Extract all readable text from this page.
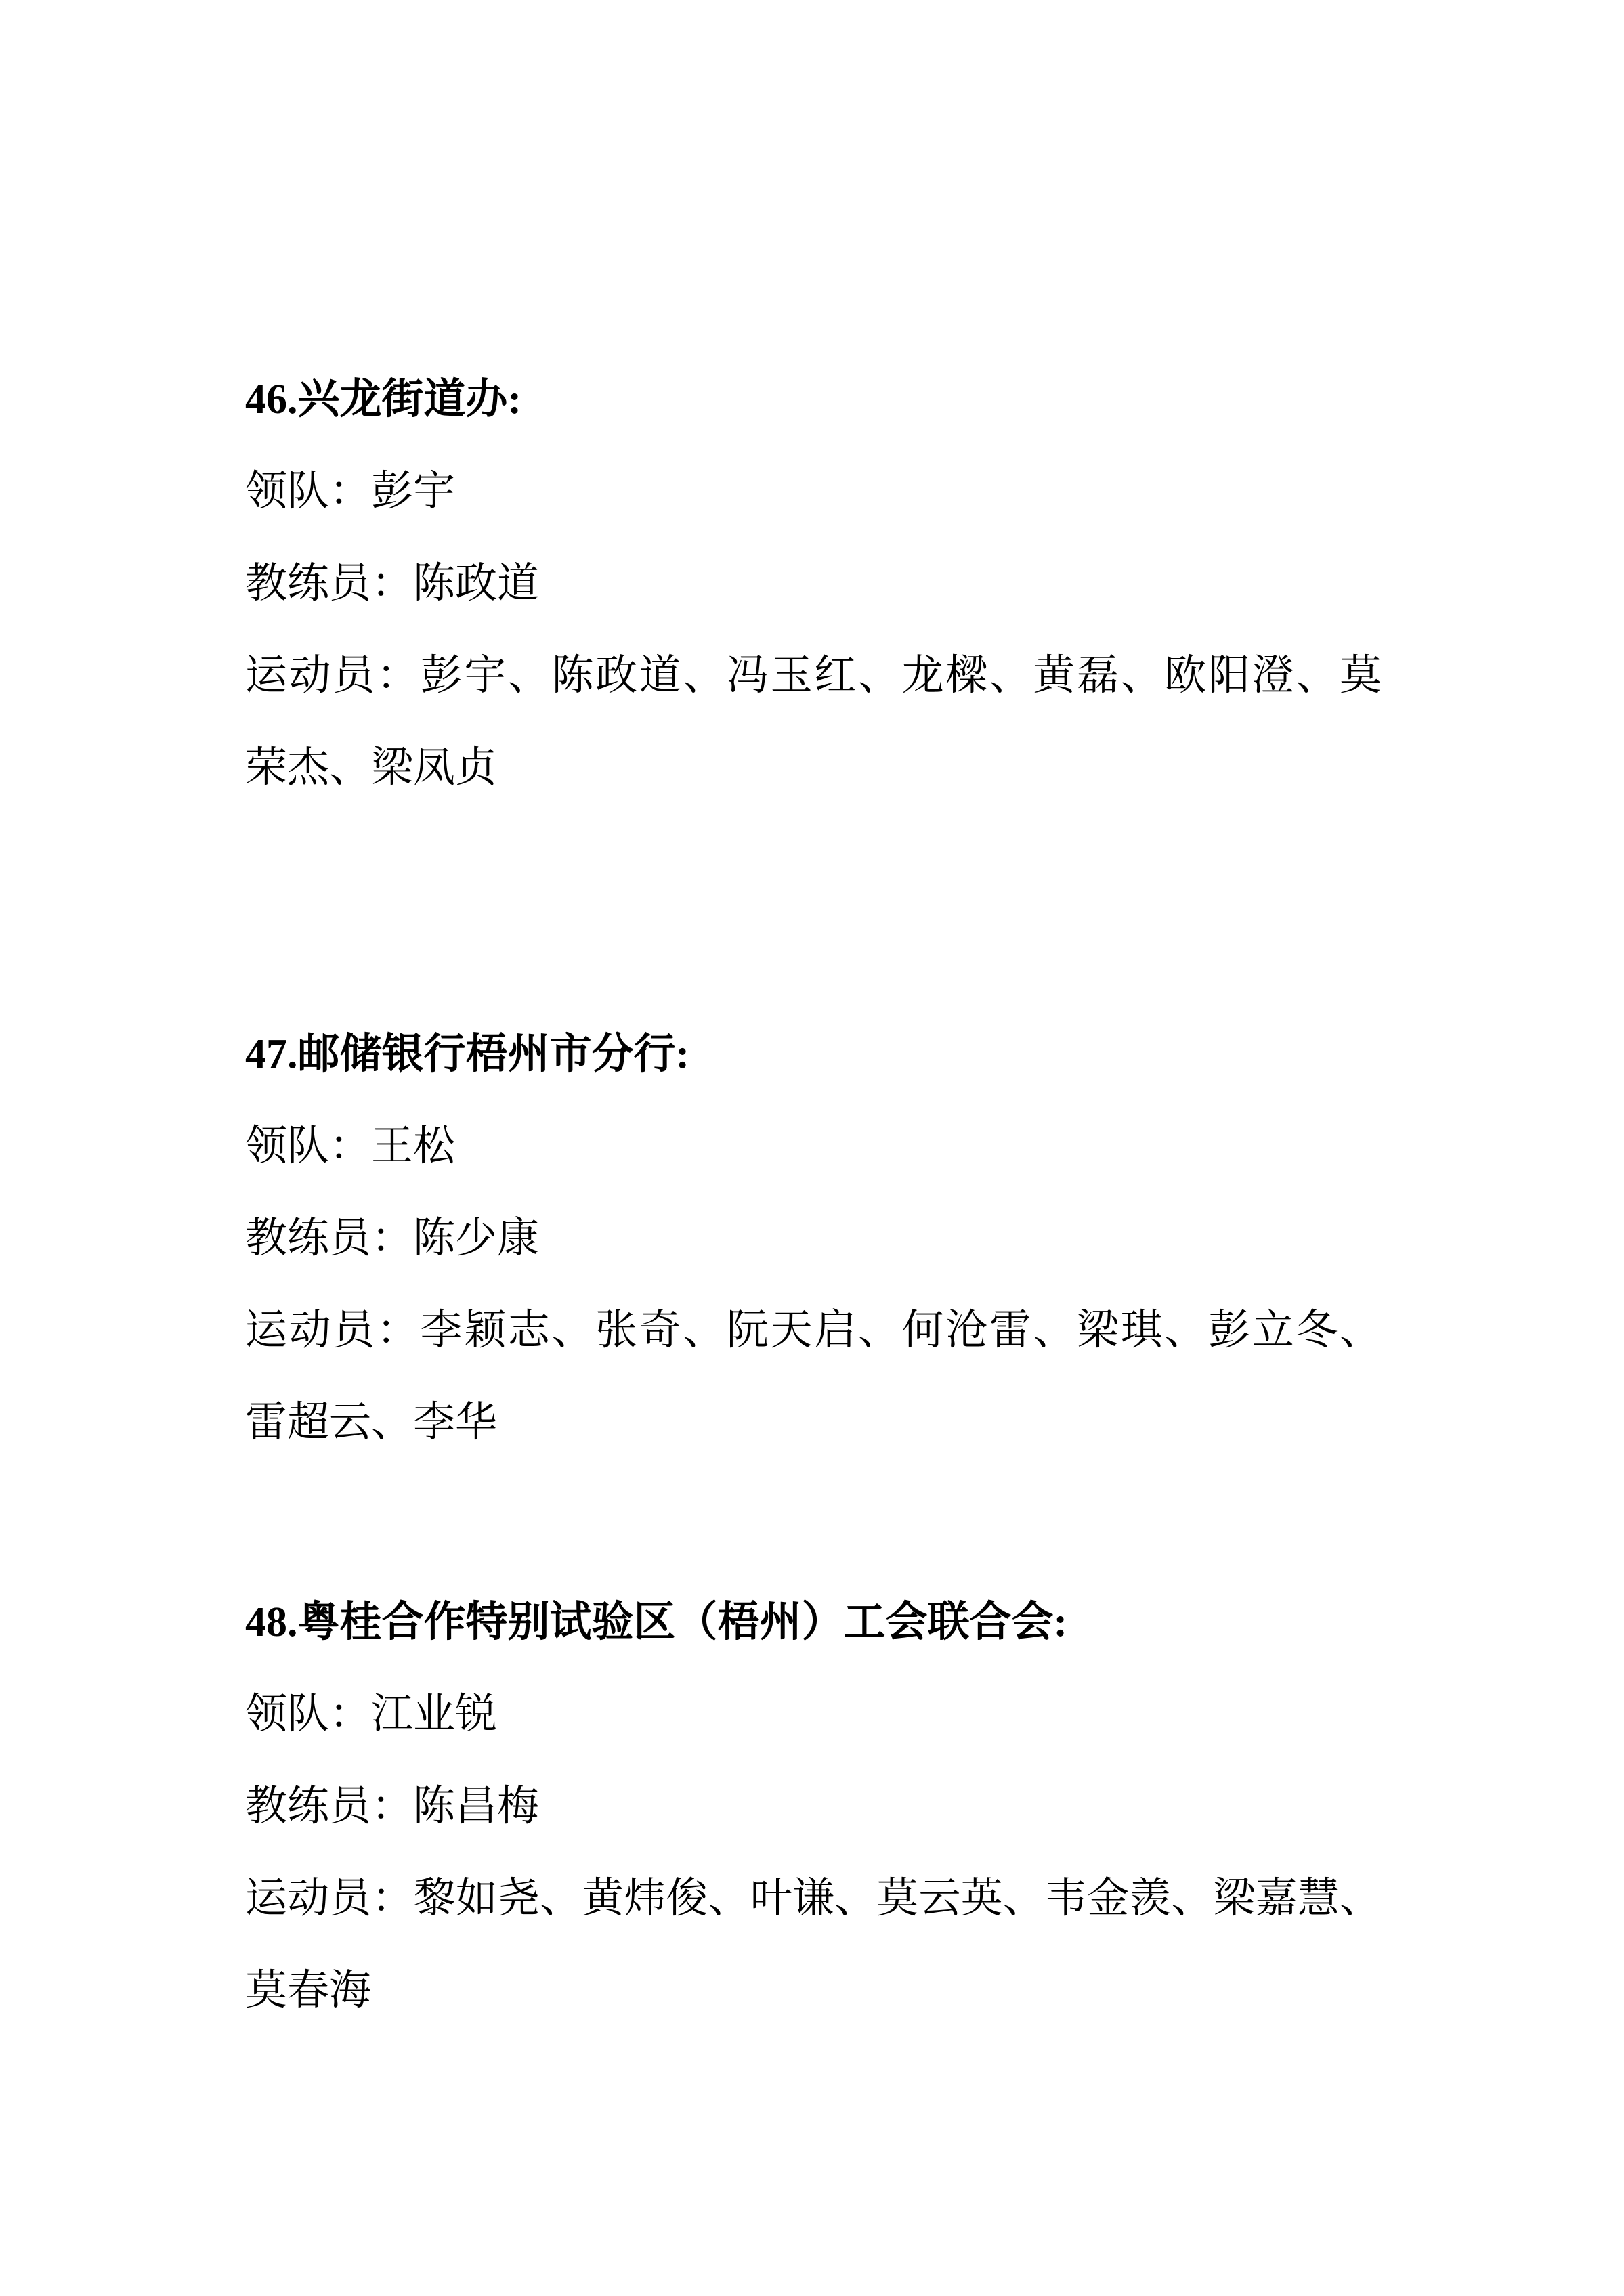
46.兴龙街道办:

领队：彭宇

教练员：陈政道

运动员：彭宇、陈政道、冯玉红、龙樑、黄磊、欧阳澄、莫

荣杰、梁凤贞

47.邮储银行梧州市分行:

领队：王松

教练员：陈少康

运动员：李颖志、张奇、阮天启、何沧雷、梁琪、彭立冬、

雷超云、李华

48.粤桂合作特别试验区（梧州）工会联合会:

领队：江业锐

教练员：陈昌梅

运动员：黎如尧、黄炜俊、叶谦、莫云英、韦金羡、梁嘉慧、

莫春海
